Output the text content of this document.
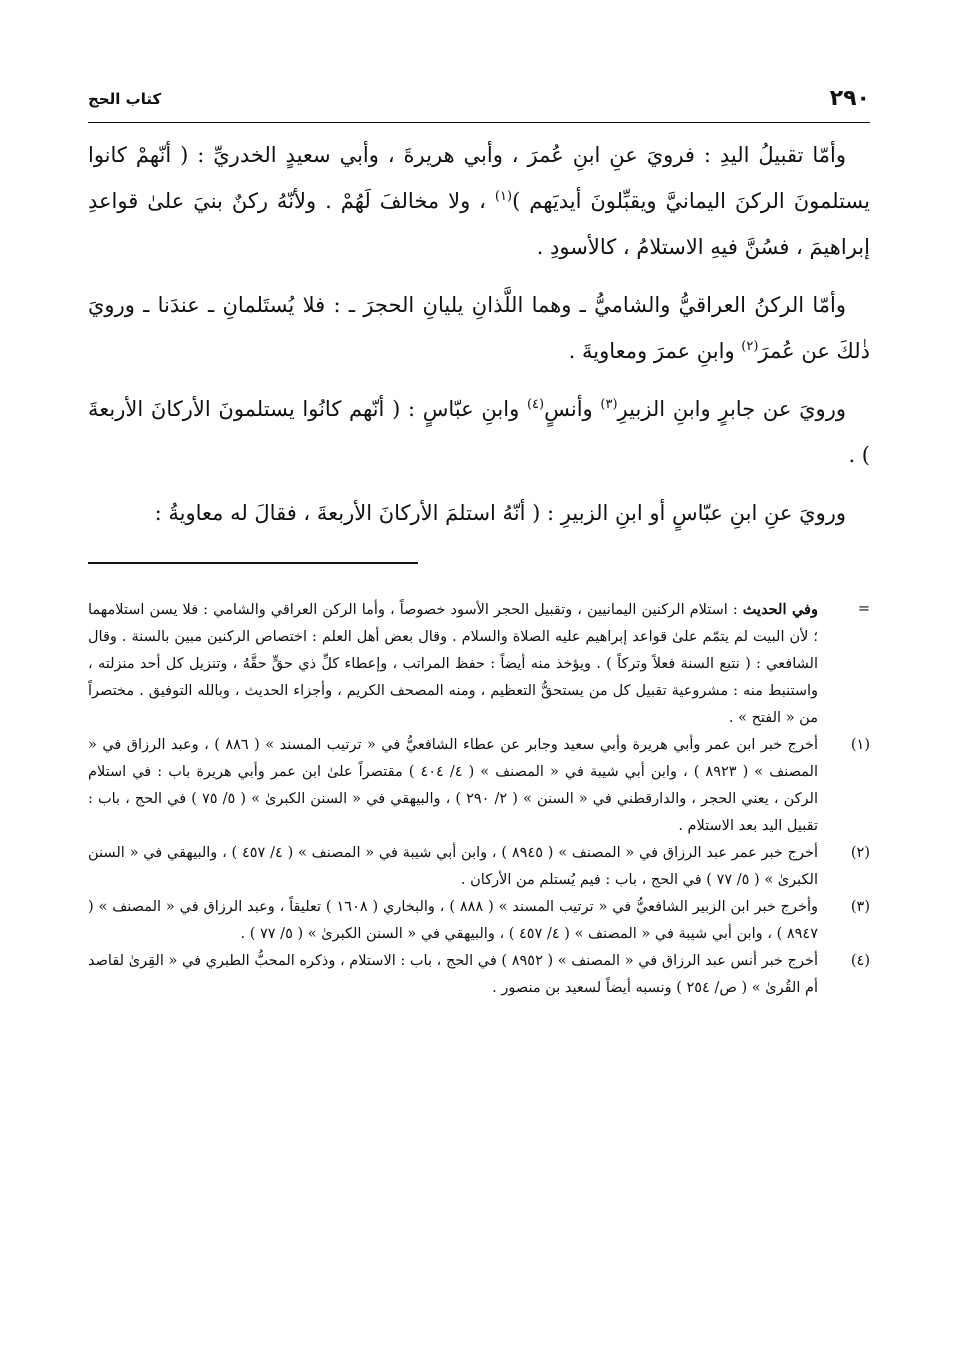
٢٩٠
كتاب الحج

وأمّا تقبيلُ اليدِ : فرويَ عنِ ابنِ عُمرَ ، وأبي هريرةَ ، وأبي سعيدٍ الخدريِّ : ( أنّهمْ كانوا يستلمونَ الركنَ اليمانيَّ ويقبِّلونَ أيديَهم )$^{(١)}$ ، ولا مخالفَ لَهُمْ . ولأنّهُ ركنٌ بنيَ علىٰ قواعدِ إبراهيمَ ، فسُنَّ فيهِ الاستلامُ ، كالأسودِ .

وأمّا الركنُ العراقيُّ والشاميُّ ـ وهما اللَّذانِ يليانِ الحجرَ ـ : فلا يُستَلمانِ ـ عندَنا ـ ورويَ ذٰلكَ عن عُمرَ$^{(٢)}$ وابنِ عمرَ ومعاويةَ .

ورويَ عن جابرٍ وابنِ الزبيرِ$^{(٣)}$ وأنسٍ$^{(٤)}$ وابنِ عبّاسٍ : ( أنّهم كانُوا يستلمونَ الأركانَ الأربعةَ ) .

ورويَ عنِ ابنِ عبّاسٍ أو ابنِ الزبيرِ : ( أنّهُ استلمَ الأركانَ الأربعةَ ، فقالَ له معاويةُ :

=
وفي الحديث : استلام الركنين اليمانيين ، وتقبيل الحجر الأسود خصوصاً ، وأما الركن العراقي والشامي : فلا يسن استلامهما ؛ لأن البيت لم يتمّم علىٰ قواعد إبراهيم عليه الصلاة والسلام . وقال بعض أهل العلم : اختصاص الركنين مبين بالسنة . وقال الشافعي : ( نتبع السنة فعلاً وتركاً ) . ويؤخذ منه أيضاً : حفظ المراتب ، وإعطاء كلِّ ذي حقٍّ حقَّهُ ، وتنزيل كل أحد منزلته ، واستنبط منه : مشروعية تقبيل كل من يستحقُّ التعظيم ، ومنه المصحف الكريم ، وأجزاء الحديث ، وبالله التوفيق . مختصراً من « الفتح » .

(١)
أخرج خبر ابن عمر وأبي هريرة وأبي سعيد وجابر عن عطاء الشافعيُّ في « ترتيب المسند » ( ٨٨٦ ) ، وعبد الرزاق في « المصنف » ( ٨٩٢٣ ) ، وابن أبي شيبة في « المصنف » ( ٤/ ٤٠٤ ) مقتصراً علىٰ ابن عمر وأبي هريرة باب : في استلام الركن ، يعني الحجر ، والدارقطني في « السنن » ( ٢/ ٢٩٠ ) ، والبيهقي في « السنن الكبرىٰ » ( ٥/ ٧٥ ) في الحج ، باب : تقبيل اليد بعد الاستلام .

(٢)
أخرج خبر عمر عبد الرزاق في « المصنف » ( ٨٩٤٥ ) ، وابن أبي شيبة في « المصنف » ( ٤/ ٤٥٧ ) ، والبيهقي في « السنن الكبرىٰ » ( ٥/ ٧٧ ) في الحج ، باب : فيم يُستلم من الأركان .

(٣)
وأخرج خبر ابن الزبير الشافعيُّ في « ترتيب المسند » ( ٨٨٨ ) ، والبخاري ( ١٦٠٨ ) تعليقاً ، وعبد الرزاق في « المصنف » ( ٨٩٤٧ ) ، وابن أبي شيبة في « المصنف » ( ٤/ ٤٥٧ ) ، والبيهقي في « السنن الكبرىٰ » ( ٥/ ٧٧ ) .

(٤)
أخرج خبر أنس عبد الرزاق في « المصنف » ( ٨٩٥٢ ) في الحج ، باب : الاستلام ، وذكره المحبُّ الطبري في « القِرىٰ لقاصد أم القُرىٰ » ( ص/ ٢٥٤ ) ونسبه أيضاً لسعيد بن منصور .
